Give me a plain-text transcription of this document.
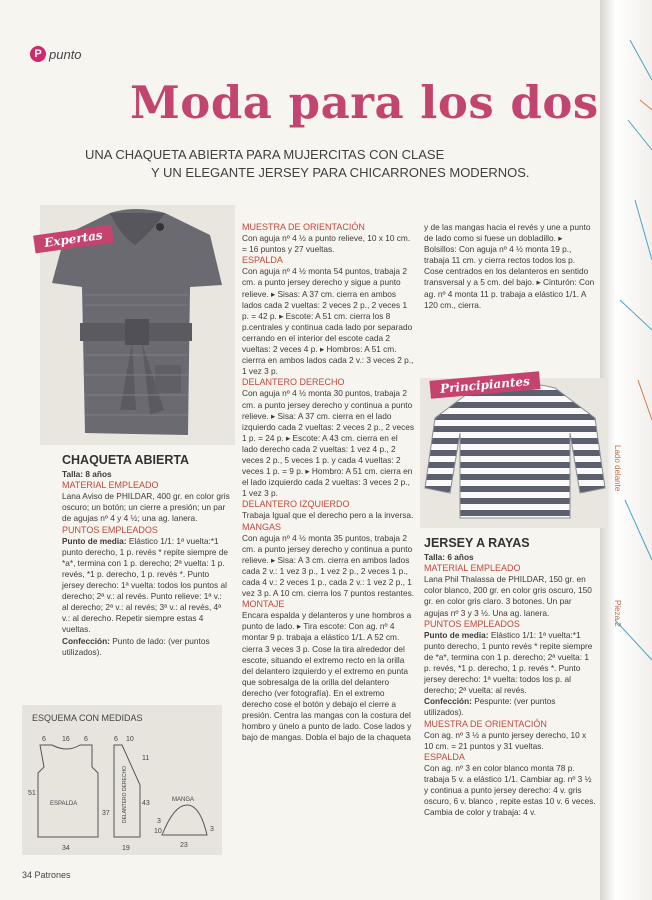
Lado delante
Pieza 2
P punto
Moda para los dos
UNA CHAQUETA ABIERTA PARA MUJERCITAS CON CLASE
Y UN ELEGANTE JERSEY PARA CHICARRONES MODERNOS.
Expertas
Principiantes
CHAQUETA ABIERTA

Talla: 8 años

MATERIAL EMPLEADO

Lana Aviso de PHILDAR, 400 gr. en color gris oscuro; un botón; un cierre a presión; un par de agujas nº 4 y 4 ½; una ag. lanera.

PUNTOS EMPLEADOS

Punto de media: Elástico 1/1: 1ª vuelta:*1 punto derecho, 1 p. revés * repite siempre de *a*, termina con 1 p. derecho; 2ª vuelta: 1 p. revés, *1 p. derecho, 1 p. revés *. Punto jersey derecho: 1ª vuelta: todos los puntos al derecho; 2ª v.: al revés. Punto relieve: 1ª v.: al derecho; 2ª v.: al revés; 3ª v.: al revés, 4ª v.: al derecho. Repetir siempre estas 4 vueltas.

Confección: Punto de lado: (ver puntos utilizados).

ESQUEMA CON MEDIDAS
6 16 6	6 10
51
37
11
43
34	19	23
10
3
3
ESPALDA	DELANTERO DERECHO	MANGA

MUESTRA DE ORIENTACIÓN

Con aguja nº 4 ½ a punto relieve, 10 x 10 cm. = 16 puntos y 27 vueltas.

ESPALDA

Con aguja nº 4 ½ monta 54 puntos, trabaja 2 cm. a punto jersey derecho y sigue a punto relieve. ▸ Sisas: A 37 cm. cierra en ambos lados cada 2 vueltas: 2 veces 2 p., 2 veces 1 p. = 42 p. ▸ Escote: A 51 cm. cierra los 8 p.centrales y continua cada lado por separado cerrando en el interior del escote cada 2 vueltas: 2 veces 4 p. ▸ Hombros: A 51 cm. cierrra en ambos lados cada 2 v.: 3 veces 2 p., 1 vez 3 p.

DELANTERO DERECHO

Con aguja nº 4 ½ monta 30 puntos, trabaja 2 cm. a punto jersey derecho y continua a punto relieve. ▸ Sisa: A 37 cm. cierra en el lado izquierdo cada 2 vueltas: 2 veces 2 p., 2 veces 1 p. = 24 p. ▸ Escote: A 43 cm. cierra en el lado derecho cada 2 vueltas: 1 vez 4 p., 2 veces 2 p., 5 veces 1 p. y cada 4 vueltas: 2 veces 1 p. = 9 p. ▸ Hombro: A 51 cm. cierra en el lado izquierdo cada 2 vueltas: 3 veces 2 p., 1 vez 3 p.

DELANTERO IZQUIERDO

Trabaja Igual que el derecho pero a la inversa.

MANGAS

Con aguja nº 4 ½ monta 35 puntos, trabaja 2 cm. a punto jersey derecho y continua a punto relieve. ▸ Sisa: A 3 cm. cierra en ambos lados cada 2 v.: 1 vez 3 p., 1 vez 2 p., 2 veces 1 p., cada 4 v.: 2 veces 1 p., cada 2 v.: 1 vez 2 p., 1 vez 3 p. A 10 cm. cierra los 7 puntos restantes.

MONTAJE

Encara espalda y delanteros y une hombros a punto de lado. ▸ Tira escote: Con ag. nº 4 montar 9 p. trabaja a elástico 1/1. A 52 cm. cierra 3 veces 3 p. Cose la tira alrededor del escote, situando el extremo recto en la orilla del delantero izquierdo y el extremo en punta que sobresalga de la orilla del delantero derecho (ver fotografía). En el extremo derecho cose el botón y debajo el cierre a presión. Centra las mangas con la costura del hombro y únelo a punto de lado. Cose lados y bajo de mangas. Dobla el bajo de la chaqueta

y de las mangas hacia el revés y une a punto de lado como si fuese un dobladillo. ▸ Bolsillos: Con aguja nº 4 ½ monta 19 p., trabaja 11 cm. y cierra rectos todos los p. Cose centrados en los delanteros en sentido transversal y a 5 cm. del bajo. ▸ Cinturón: Con ag. nº 4 monta 11 p. trabaja a elástico 1/1. A 120 cm., cierra.

JERSEY A RAYAS

Talla: 6 años

MATERIAL EMPLEADO

Lana Phil Thalassa de PHILDAR, 150 gr. en color blanco, 200 gr. en color gris oscuro, 150 gr. en color gris claro. 3 botones. Un par agujas nº 3 y 3 ½. Una ag. lanera.

PUNTOS EMPLEADOS

Punto de media: Elástico 1/1: 1ª vuelta:*1 punto derecho, 1 punto revés * repite siempre de *a*, termina con 1 p. derecho; 2ª vuelta: 1 p. revés, *1 p. derecho, 1 p. revés *. Punto jersey derecho: 1ª vuelta: todos los p. al derecho; 2ª vuelta: al revés.

Confección: Pespunte: (ver puntos utilizados).

MUESTRA DE ORIENTACIÓN

Con ag. nº 3 ½ a punto jersey derecho, 10 x 10 cm. = 21 puntos y 31 vueltas.

ESPALDA

Con ag. nº 3 en color blanco monta 78 p. trabaja 5 v. a elástico 1/1. Cambiar ag. nº 3 ½ y continua a punto jersey derecho: 4 v. gris oscuro, 6 v. blanco , repite estas 10 v. 6 veces. Cambia de color y trabaja: 4 v.

34 Patrones
